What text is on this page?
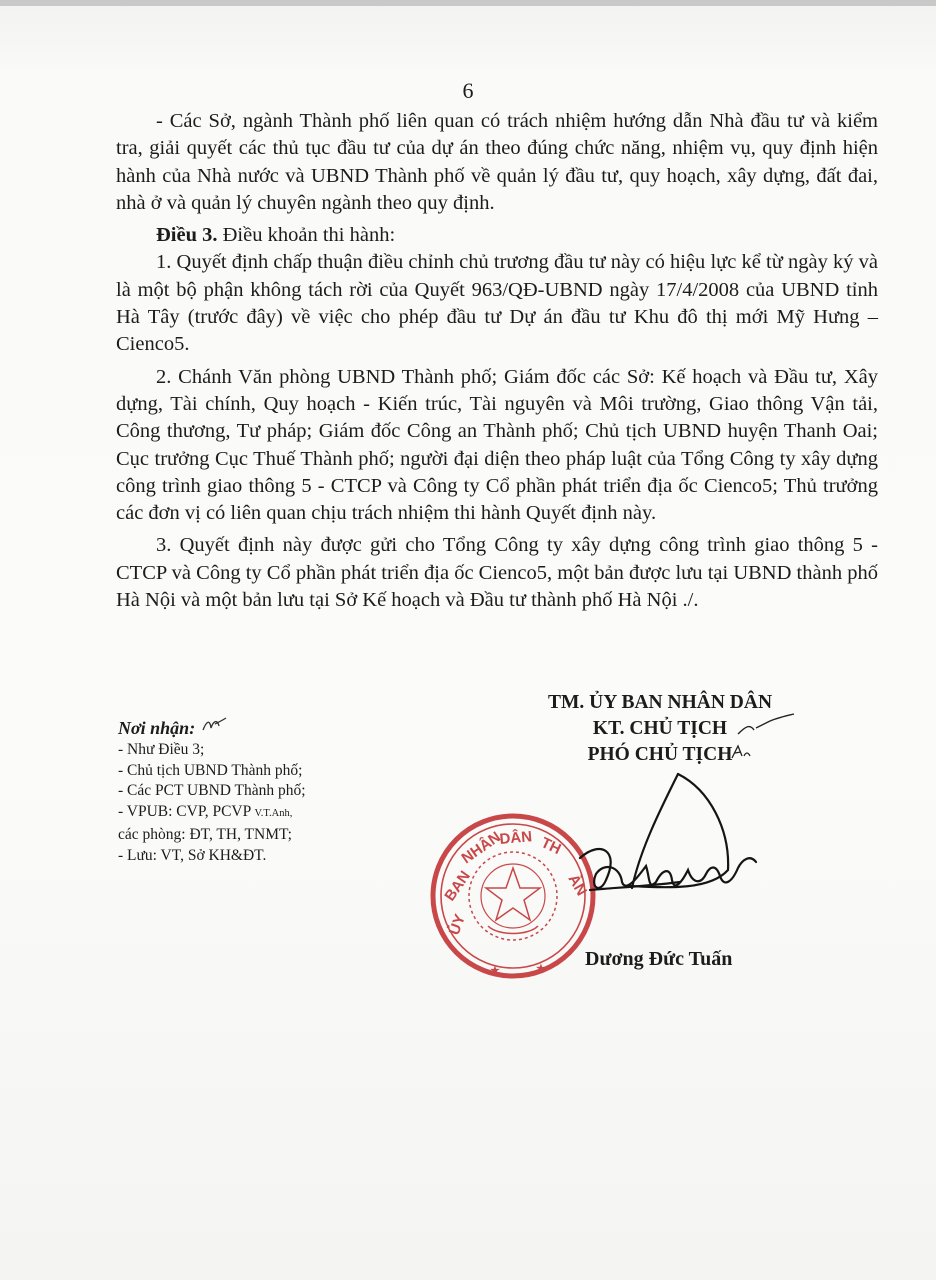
6

- Các Sở, ngành Thành phố liên quan có trách nhiệm hướng dẫn Nhà đầu tư và kiểm tra, giải quyết các thủ tục đầu tư của dự án theo đúng chức năng, nhiệm vụ, quy định hiện hành của Nhà nước và UBND Thành phố về quản lý đầu tư, quy hoạch, xây dựng, đất đai, nhà ở và quản lý chuyên ngành theo quy định.

Điều 3. Điều khoản thi hành:

1. Quyết định chấp thuận điều chỉnh chủ trương đầu tư này có hiệu lực kể từ ngày ký và là một bộ phận không tách rời của Quyết 963/QĐ-UBND ngày 17/4/2008 của UBND tỉnh Hà Tây (trước đây) về việc cho phép đầu tư Dự án đầu tư Khu đô thị mới Mỹ Hưng – Cienco5.

2. Chánh Văn phòng UBND Thành phố; Giám đốc các Sở: Kế hoạch và Đầu tư, Xây dựng, Tài chính, Quy hoạch - Kiến trúc, Tài nguyên và Môi trường, Giao thông Vận tải, Công thương, Tư pháp; Giám đốc Công an Thành phố; Chủ tịch UBND huyện Thanh Oai; Cục trưởng Cục Thuế Thành phố; người đại diện theo pháp luật của Tổng Công ty xây dựng công trình giao thông 5 - CTCP và Công ty Cổ phần phát triển địa ốc Cienco5; Thủ trưởng các đơn vị có liên quan chịu trách nhiệm thi hành Quyết định này.

3. Quyết định này được gửi cho Tổng Công ty xây dựng công trình giao thông 5 - CTCP và Công ty Cổ phần phát triển địa ốc Cienco5, một bản được lưu tại UBND thành phố Hà Nội và một bản lưu tại Sở Kế hoạch và Đầu tư thành phố Hà Nội ./.

Nơi nhận:
- Như Điều 3;
- Chủ tịch UBND Thành phố;
- Các PCT UBND Thành phố;
- VPUB: CVP, PCVP V.T.Anh,
các phòng: ĐT, TH, TNMT;
- Lưu: VT, Sở KH&ĐT.
TM. ỦY BAN NHÂN DÂN
KT. CHỦ TỊCH
PHÓ CHỦ TỊCH
ỦY
BAN
NHÂN
DÂN TH
ÀN
★	★ Dương Đức Tuấn
